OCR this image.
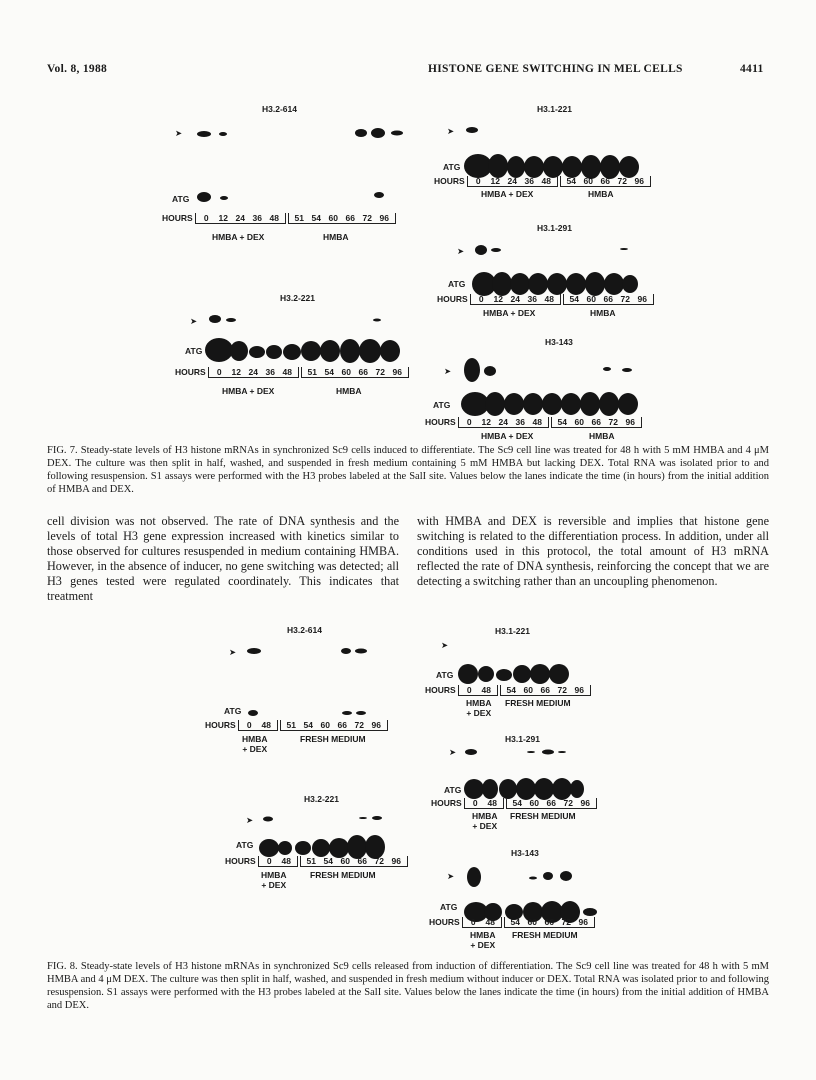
Vol. 8, 1988	HISTONE GENE SWITCHING IN MEL CELLS	4411
H3.2-614
➤
ATG
HOURS 0 12 24 36 48 51 54 60 66 72 96
HMBA + DEX	HMBA
H3.2-221
➤
ATG
HOURS 0 12 24 36 48 51 54 60 66 72 96
HMBA + DEX	HMBA
H3.1-221
➤
ATG
HOURS 0 12 24 36 48 54 60 66 72 96
HMBA + DEX	HMBA
H3.1-291
➤
ATG
HOURS 0 12 24 36 48 54 60 66 72 96
HMBA + DEX	HMBA
H3-143
➤
ATG
HOURS 0 12 24 36 48 54 60 66 72 96
HMBA + DEX	HMBA
FIG. 7. Steady-state levels of H3 histone mRNAs in synchronized Sc9 cells induced to differentiate. The Sc9 cell line was treated for 48 h with 5 mM HMBA and 4 μM DEX. The culture was then split in half, washed, and suspended in fresh medium containing 5 mM HMBA but lacking DEX. Total RNA was isolated prior to and following resuspension. S1 assays were performed with the H3 probes labeled at the SalI site. Values below the lanes indicate the time (in hours) from the initial addition of HMBA and DEX.
cell division was not observed. The rate of DNA synthesis and the levels of total H3 gene expression increased with kinetics similar to those observed for cultures resuspended in medium containing HMBA. However, in the absence of inducer, no gene switching was detected; all H3 genes tested were regulated coordinately. This indicates that treatment
with HMBA and DEX is reversible and implies that histone gene switching is related to the differentiation process. In addition, under all conditions used in this protocol, the total amount of H3 mRNA reflected the rate of DNA synthesis, reinforcing the concept that we are detecting a switching rather than an uncoupling phenomenon.
H3.2-614
➤
ATG
HOURS 0 48 51 54 60 66 72 96
HMBA
+ DEX
FRESH MEDIUM
H3.2-221
➤
ATG
HOURS 0 48 51 54 60 66 72 96
HMBA
+ DEX
FRESH MEDIUM
H3.1-221
➤
ATG
HOURS 0 48 54 60 66 72 96
HMBA
+ DEX
FRESH MEDIUM
H3.1-291
➤
ATG
HOURS 0 48 54 60 66 72 96
HMBA
+ DEX
FRESH MEDIUM
H3-143
➤
ATG
HOURS 0 48 54 60 66 72 96
HMBA
+ DEX
FRESH MEDIUM
FIG. 8. Steady-state levels of H3 histone mRNAs in synchronized Sc9 cells released from induction of differentiation. The Sc9 cell line was treated for 48 h with 5 mM HMBA and 4 μM DEX. The culture was then split in half, washed, and suspended in fresh medium without inducer or DEX. Total RNA was isolated prior to and following resuspension. S1 assays were performed with the H3 probes labeled at the SalI site. Values below the lanes indicate the time (in hours) from the initial addition of HMBA and DEX.
